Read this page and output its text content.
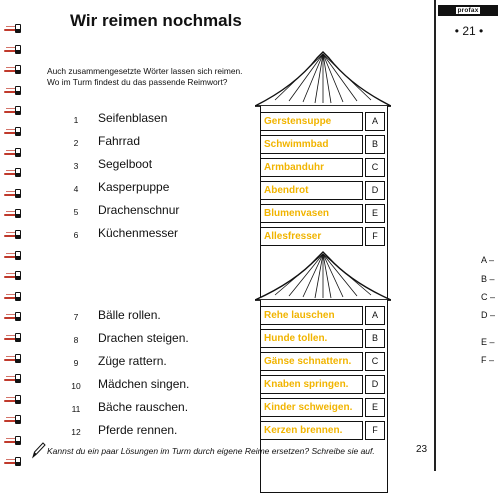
Wir reimen nochmals
Auch zusammengesetzte Wörter lassen sich reimen.
Wo im Turm findest du das passende Reimwort?
1	Seifenblasen
2	Fahrrad
3	Segelboot
4	Kasperpuppe
5	Drachenschnur
6	Küchenmesser
Gerstensuppe	A
Schwimmbad	B
Armbanduhr	C
Abendrot	D
Blumenvasen	E
Allesfresser	F
7	Bälle rollen.
8	Drachen steigen.
9	Züge rattern.
10	Mädchen singen.
11	Bäche rauschen.
12	Pferde rennen.
Rehe lauschen	A
Hunde tollen.	B
Gänse schnattern.	C
Knaben springen.	D
Kinder schweigen.	E
Kerzen brennen.	F
profax LOCHKARTE
• 21 •
A –
B –
C –
D –
E –
F –
Kannst du ein paar Lösungen im Turm durch eigene Reime ersetzen? Schreibe sie auf.	23
